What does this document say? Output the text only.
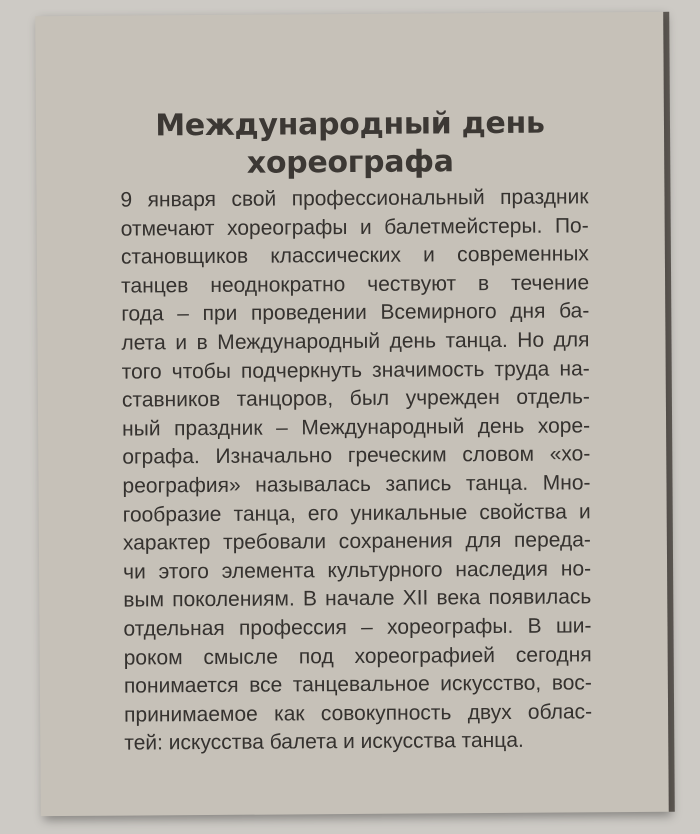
Международный день
хореографа
9 января свой профессиональный праздник
отмечают хореографы и балетмейстеры. По-
становщиков классических и современных
танцев неоднократно чествуют в течение
года – при проведении Всемирного дня ба-
лета и в Международный день танца. Но для
того чтобы подчеркнуть значимость труда на-
ставников танцоров, был учрежден отдель-
ный праздник – Международный день хоре-
ографа. Изначально греческим словом «хо-
реография» называлась запись танца. Мно-
гообразие танца, его уникальные свойства и
характер требовали сохранения для переда-
чи этого элемента культурного наследия но-
вым поколениям. В начале XII века появилась
отдельная профессия – хореографы. В ши-
роком смысле под хореографией сегодня
понимается все танцевальное искусство, вос-
принимаемое как совокупность двух облас-
тей: искусства балета и искусства танца.
